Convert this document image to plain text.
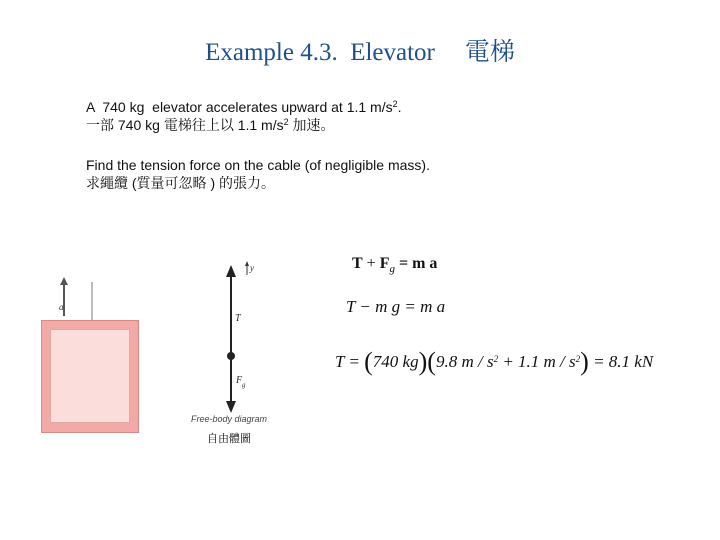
Example 4.3.  Elevator 電梯
A  740 kg  elevator accelerates upward at 1.1 $m/s^2$.
一部 740 kg 電梯往上以 1.1 $m/s^2$ 加速。
Find the tension force on the cable (of negligible mass).
求繩纜 (質量可忽略 ) 的張力。
a
y
T
F g
Free-body diagram
自由體圖
$T + F_g = m$ a
T − m g = m a
T = (740 kg)(9.8 $m / s^2 + 1.1$ $m / s^2) = 8.1$ kN
